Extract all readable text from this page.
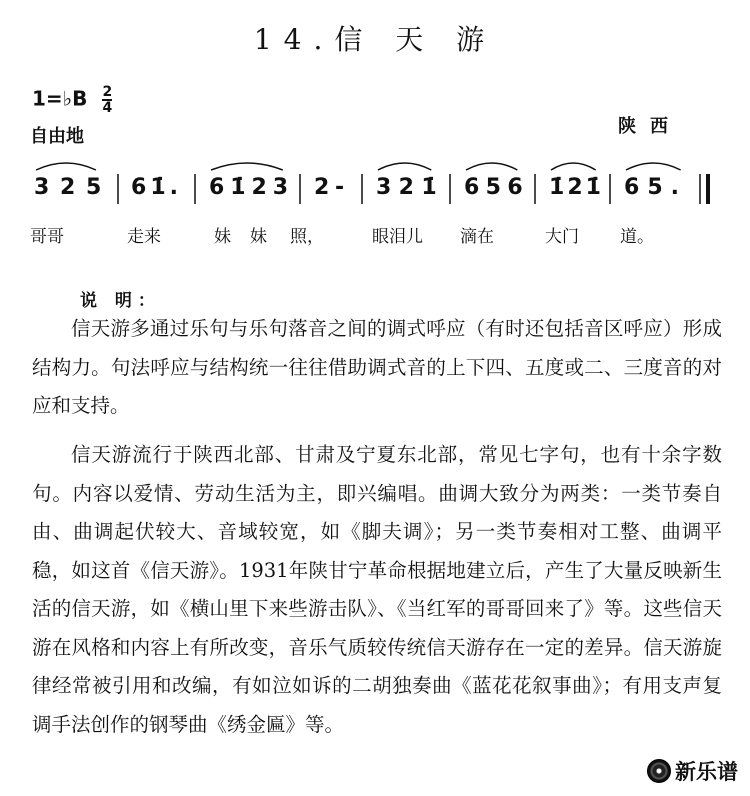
14.信 天 游
1=♭B $\frac{2}{4}$
自由地	陕西
3 2 5 6 1̇ . 6 1̇ 2 3 2 - 3 2 1̇ 6 5 6 1̇ 2 1̇ 6 5 .
哥哥	走来	妹 妹 照，	眼泪儿 滴在	大门 道。
说 明：

信天游多通过乐句与乐句落音之间的调式呼应（有时还包括音区呼应）形成结构力。句法呼应与结构统一往往借助调式音的上下四、五度或二、三度音的对应和支持。

信天游流行于陕西北部、甘肃及宁夏东北部，常见七字句，也有十余字数句。内容以爱情、劳动生活为主，即兴编唱。曲调大致分为两类：一类节奏自由、曲调起伏较大、音域较宽，如《脚夫调》；另一类节奏相对工整、曲调平稳，如这首《信天游》。1931年陕甘宁革命根据地建立后，产生了大量反映新生活的信天游，如《横山里下来些游击队》、《当红军的哥哥回来了》等。这些信天游在风格和内容上有所改变，音乐气质较传统信天游存在一定的差异。信天游旋律经常被引用和改编，有如泣如诉的二胡独奏曲《蓝花花叙事曲》；有用支声复调手法创作的钢琴曲《绣金匾》等。

新乐谱
